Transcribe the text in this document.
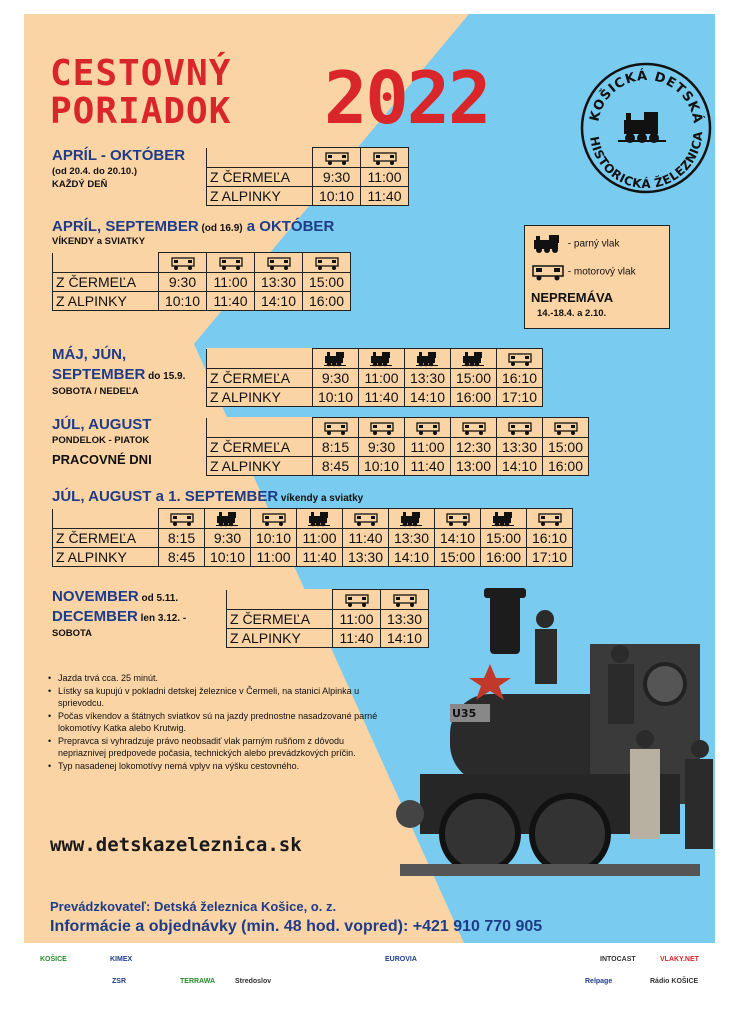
CESTOVNÝ
PORIADOK 2022	KOŠICKÁ DETSKÁ
HISTORICKÁ ŽELEZNICA
APRÍL - OKTÓBER
(od 20.4. do 20.10.)
KAŽDÝ DEŇ

		Z ČERMEĽA	9:30	11:00
Z ALPINKY	10:10	11:40
APRÍL, SEPTEMBER (od 16.9) a OKTÓBER
VÍKENDY a SVIATKY

Z ČERMEĽA	9:30	11:00	13:30	15:00
Z ALPINKY	10:10	11:40	14:10	16:00
- parný vlak
- motorový vlak
NEPREMÁVA
14.-18.4. a 2.10.
MÁJ, JÚN,
SEPTEMBER do 15.9.
SOBOTA / NEDEĽA

Z ČERMEĽA	9:30	11:00	13:30	15:00	16:10
Z ALPINKY	10:10	11:40	14:10	16:00	17:10
JÚL, AUGUST
PONDELOK - PIATOK
PRACOVNÉ DNI

Z ČERMEĽA	8:15	9:30	11:00	12:30	13:30	15:00
Z ALPINKY	8:45	10:10	11:40	13:00	14:10	16:00
JÚL, AUGUST a 1. SEPTEMBER víkendy a sviatky

Z ČERMEĽA	8:15	9:30	10:10	11:00	11:40	13:30	14:10	15:00	16:10
Z ALPINKY	8:45	10:10	11:00	11:40	13:30	14:10	15:00	16:00	17:10
NOVEMBER od 5.11.
DECEMBER len 3.12. -
SOBOTA

Z ČERMEĽA	11:00	13:30
Z ALPINKY	11:40	14:10
U35
• Jazda trvá cca. 25 minút.
• Lístky sa kupujú v pokladni detskej železnice v Čermeli, na stanici Alpinka u sprievodcu.
• Počas víkendov a štátnych sviatkov sú na jazdy prednostne nasadzované parné lokomotívy Katka alebo Krutwig.
• Prepravca si vyhradzuje právo neobsadiť vlak parným rušňom z dôvodu nepriaznivej predpovede počasia, technických alebo prevádzkových príčin.
• Typ nasadenej lokomotívy nemá vplyv na výšku cestovného.
www.detskazeleznica.sk
Prevádzkovateľ: Detská železnica Košice, o. z.
Informácie a objednávky (min. 48 hod. vopred): +421 910 770 905
KOŠICE	KIMEX	EUROVIA	INTOCAST
ZSR	TERRAWA	Stredoslov	Rádio KOŠICE
Relpage
VLAKY.NET
